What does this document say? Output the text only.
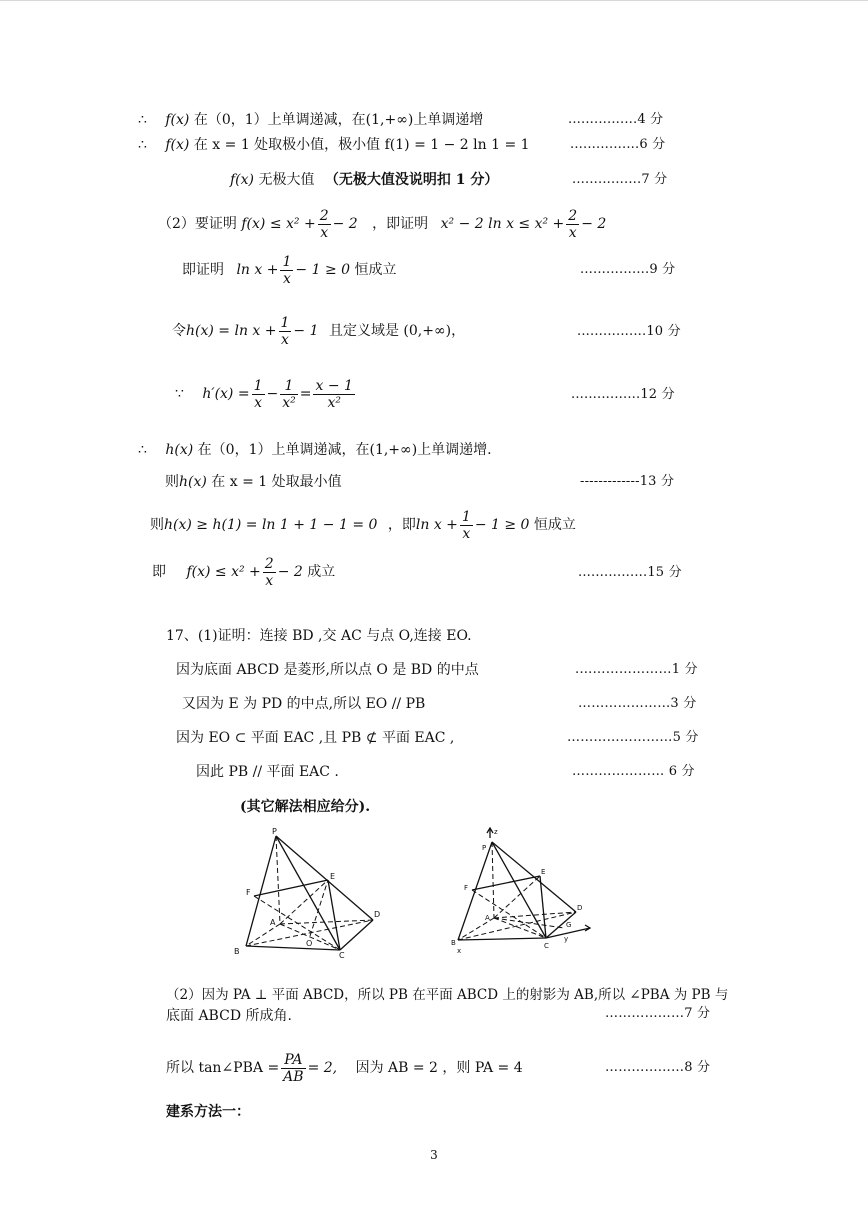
∴ f(x) 在（0，1）上单调递减，在(1,+∞)上单调递增	................4 分
∴ f(x) 在 x = 1 处取极小值，极小值 f(1) = 1 − 2 ln 1 = 1	................6 分
f(x) 无极大值 （无极大值没说明扣 1 分）	................7 分
（2）要证明 $f(x) \le x^2 + \frac{2}{x} - 2$ ，即证明 x² − 2 $\ln x \le x^2 + \frac{2}{x} - 2$
即证明 $\ln x + \frac{1}{x} - 1 \ge 0$ 恒成立	................9 分
令$h(x) = \ln x + \frac{1}{x} - 1$ 且定义域是 (0,+∞)，	................10 分
∵ $h'(x) = \frac{1}{x} - \frac{1}{\text{x²}} = \frac{x - 1}{\text{x²}}$	................12 分
∴ h(x) 在（0，1）上单调递减，在(1,+∞)上单调递增.
则h(x) 在 x = 1 处取最小值	-------------13 分
则h(x) ≥ h(1) = ln 1 + 1 − 1 = 0 ，即$\ln x + \frac{1}{x} - 1 \ge 0$ 恒成立
即 $f(x) \le x^2 + \frac{2}{x} - 2$ 成立	................15 分
17、(1)证明：连接 BD ,交 AC 与点 O,连接 EO.
因为底面 ABCD 是菱形,所以点 O 是 BD 的中点	.…………………1 分
又因为 E 为 PD 的中点,所以 EO // PB	…………………3 分
因为 EO ⊂ 平面 EAC ,且 PB ⊄ 平面 EAC ,	……………………5 分
因此 PB // 平面 EAC .	………………… 6 分
(其它解法相应给分).
P
F
E
A
D
B	C
O
z
P
F
E
A
D
B	C
x
y
G
（2）因为 PA ⊥ 平面 ABCD，所以 PB 在平面 ABCD 上的射影为 AB,所以 ∠PBA 为 PB 与
底面 ABCD 所成角.	………………7 分
所以 tan∠PBA = $\frac{PA}{AB} = 2$, 因为 AB = 2 ，则 PA = 4	………………8 分
建系方法一：
3
